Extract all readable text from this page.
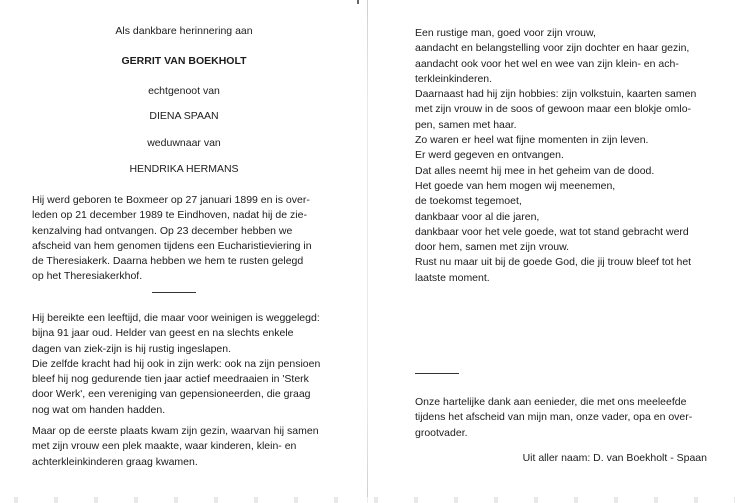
Als dankbare herinnering aan
GERRIT VAN BOEKHOLT
echtgenoot van
DIENA SPAAN
weduwnaar van
HENDRIKA HERMANS

Hij werd geboren te Boxmeer op 27 januari 1899 en is over-
leden op 21 december 1989 te Eindhoven, nadat hij de zie-
kenzalving had ontvangen. Op 23 december hebben we
afscheid van hem genomen tijdens een Eucharistieviering in
de Theresiakerk. Daarna hebben we hem te rusten gelegd
op het Theresiakerkhof.

Hij bereikte een leeftijd, die maar voor weinigen is weggelegd:
bijna 91 jaar oud. Helder van geest en na slechts enkele
dagen van ziek-zijn is hij rustig ingeslapen.
Die zelfde kracht had hij ook in zijn werk: ook na zijn pensioen
bleef hij nog gedurende tien jaar actief meedraaien in 'Sterk
door Werk', een vereniging van gepensioneerden, die graag
nog wat om handen hadden.

Maar op de eerste plaats kwam zijn gezin, waarvan hij samen
met zijn vrouw een plek maakte, waar kinderen, klein- en
achterkleinkinderen graag kwamen.

Een rustige man, goed voor zijn vrouw,
aandacht en belangstelling voor zijn dochter en haar gezin,
aandacht ook voor het wel en wee van zijn klein- en ach-
terkleinkinderen.
Daarnaast had hij zijn hobbies: zijn volkstuin, kaarten samen
met zijn vrouw in de soos of gewoon maar een blokje omlo-
pen, samen met haar.
Zo waren er heel wat fijne momenten in zijn leven.
Er werd gegeven en ontvangen.
Dat alles neemt hij mee in het geheim van de dood.
Het goede van hem mogen wij meenemen,
de toekomst tegemoet,
dankbaar voor al die jaren,
dankbaar voor het vele goede, wat tot stand gebracht werd
door hem, samen met zijn vrouw.
Rust nu maar uit bij de goede God, die jij trouw bleef tot het
laatste moment.

Onze hartelijke dank aan eenieder, die met ons meeleefde
tijdens het afscheid van mijn man, onze vader, opa en over-
grootvader.

Uit aller naam: D. van Boekholt - Spaan
